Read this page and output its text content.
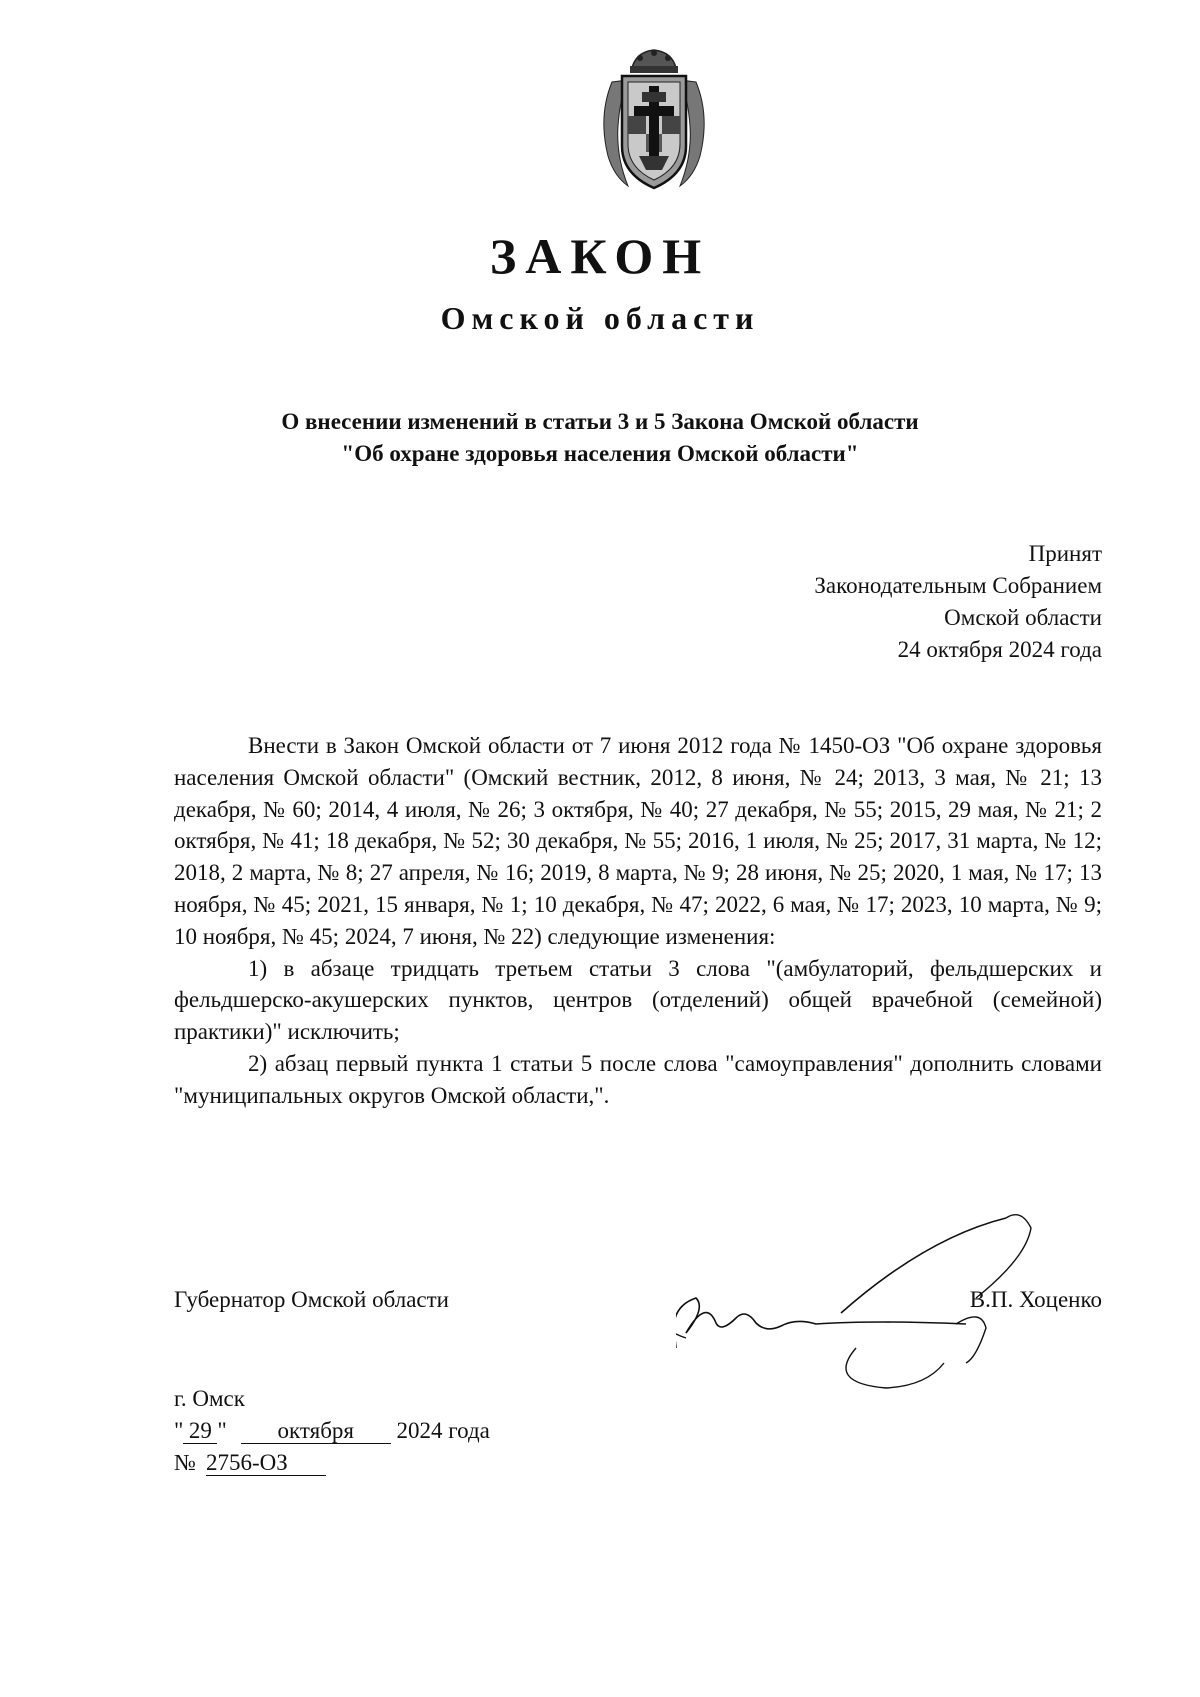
ЗАКОН
Омской области
О внесении изменений в статьи 3 и 5 Закона Омской области
"Об охране здоровья населения Омской области"
Принят
Законодательным Собранием
Омской области
24 октября 2024 года

Внести в Закон Омской области от 7 июня 2012 года № 1450-ОЗ "Об охране здоровья населения Омской области" (Омский вестник, 2012, 8 июня, № 24; 2013, 3 мая, № 21; 13 декабря, № 60; 2014, 4 июля, № 26; 3 октября, № 40; 27 декабря, № 55; 2015, 29 мая, № 21; 2 октября, № 41; 18 декабря, № 52; 30 декабря, № 55; 2016, 1 июля, № 25; 2017, 31 марта, № 12; 2018, 2 марта, № 8; 27 апреля, № 16; 2019, 8 марта, № 9; 28 июня, № 25; 2020, 1 мая, № 17; 13 ноября, № 45; 2021, 15 января, № 1; 10 декабря, № 47; 2022, 6 мая, № 17; 2023, 10 марта, № 9; 10 ноября, № 45; 2024, 7 июня, № 22) следующие изменения:

1) в абзаце тридцать третьем статьи 3 слова "(амбулаторий, фельдшерских и фельдшерско-акушерских пунктов, центров (отделений) общей врачебной (семейной) практики)" исключить;

2) абзац первый пункта 1 статьи 5 после слова "самоуправления" дополнить словами "муниципальных округов Омской области,".

Губернатор Омской области	В.П. Хоценко
г. Омск
" 29 " октября 2024 года
№ 2756-ОЗ
